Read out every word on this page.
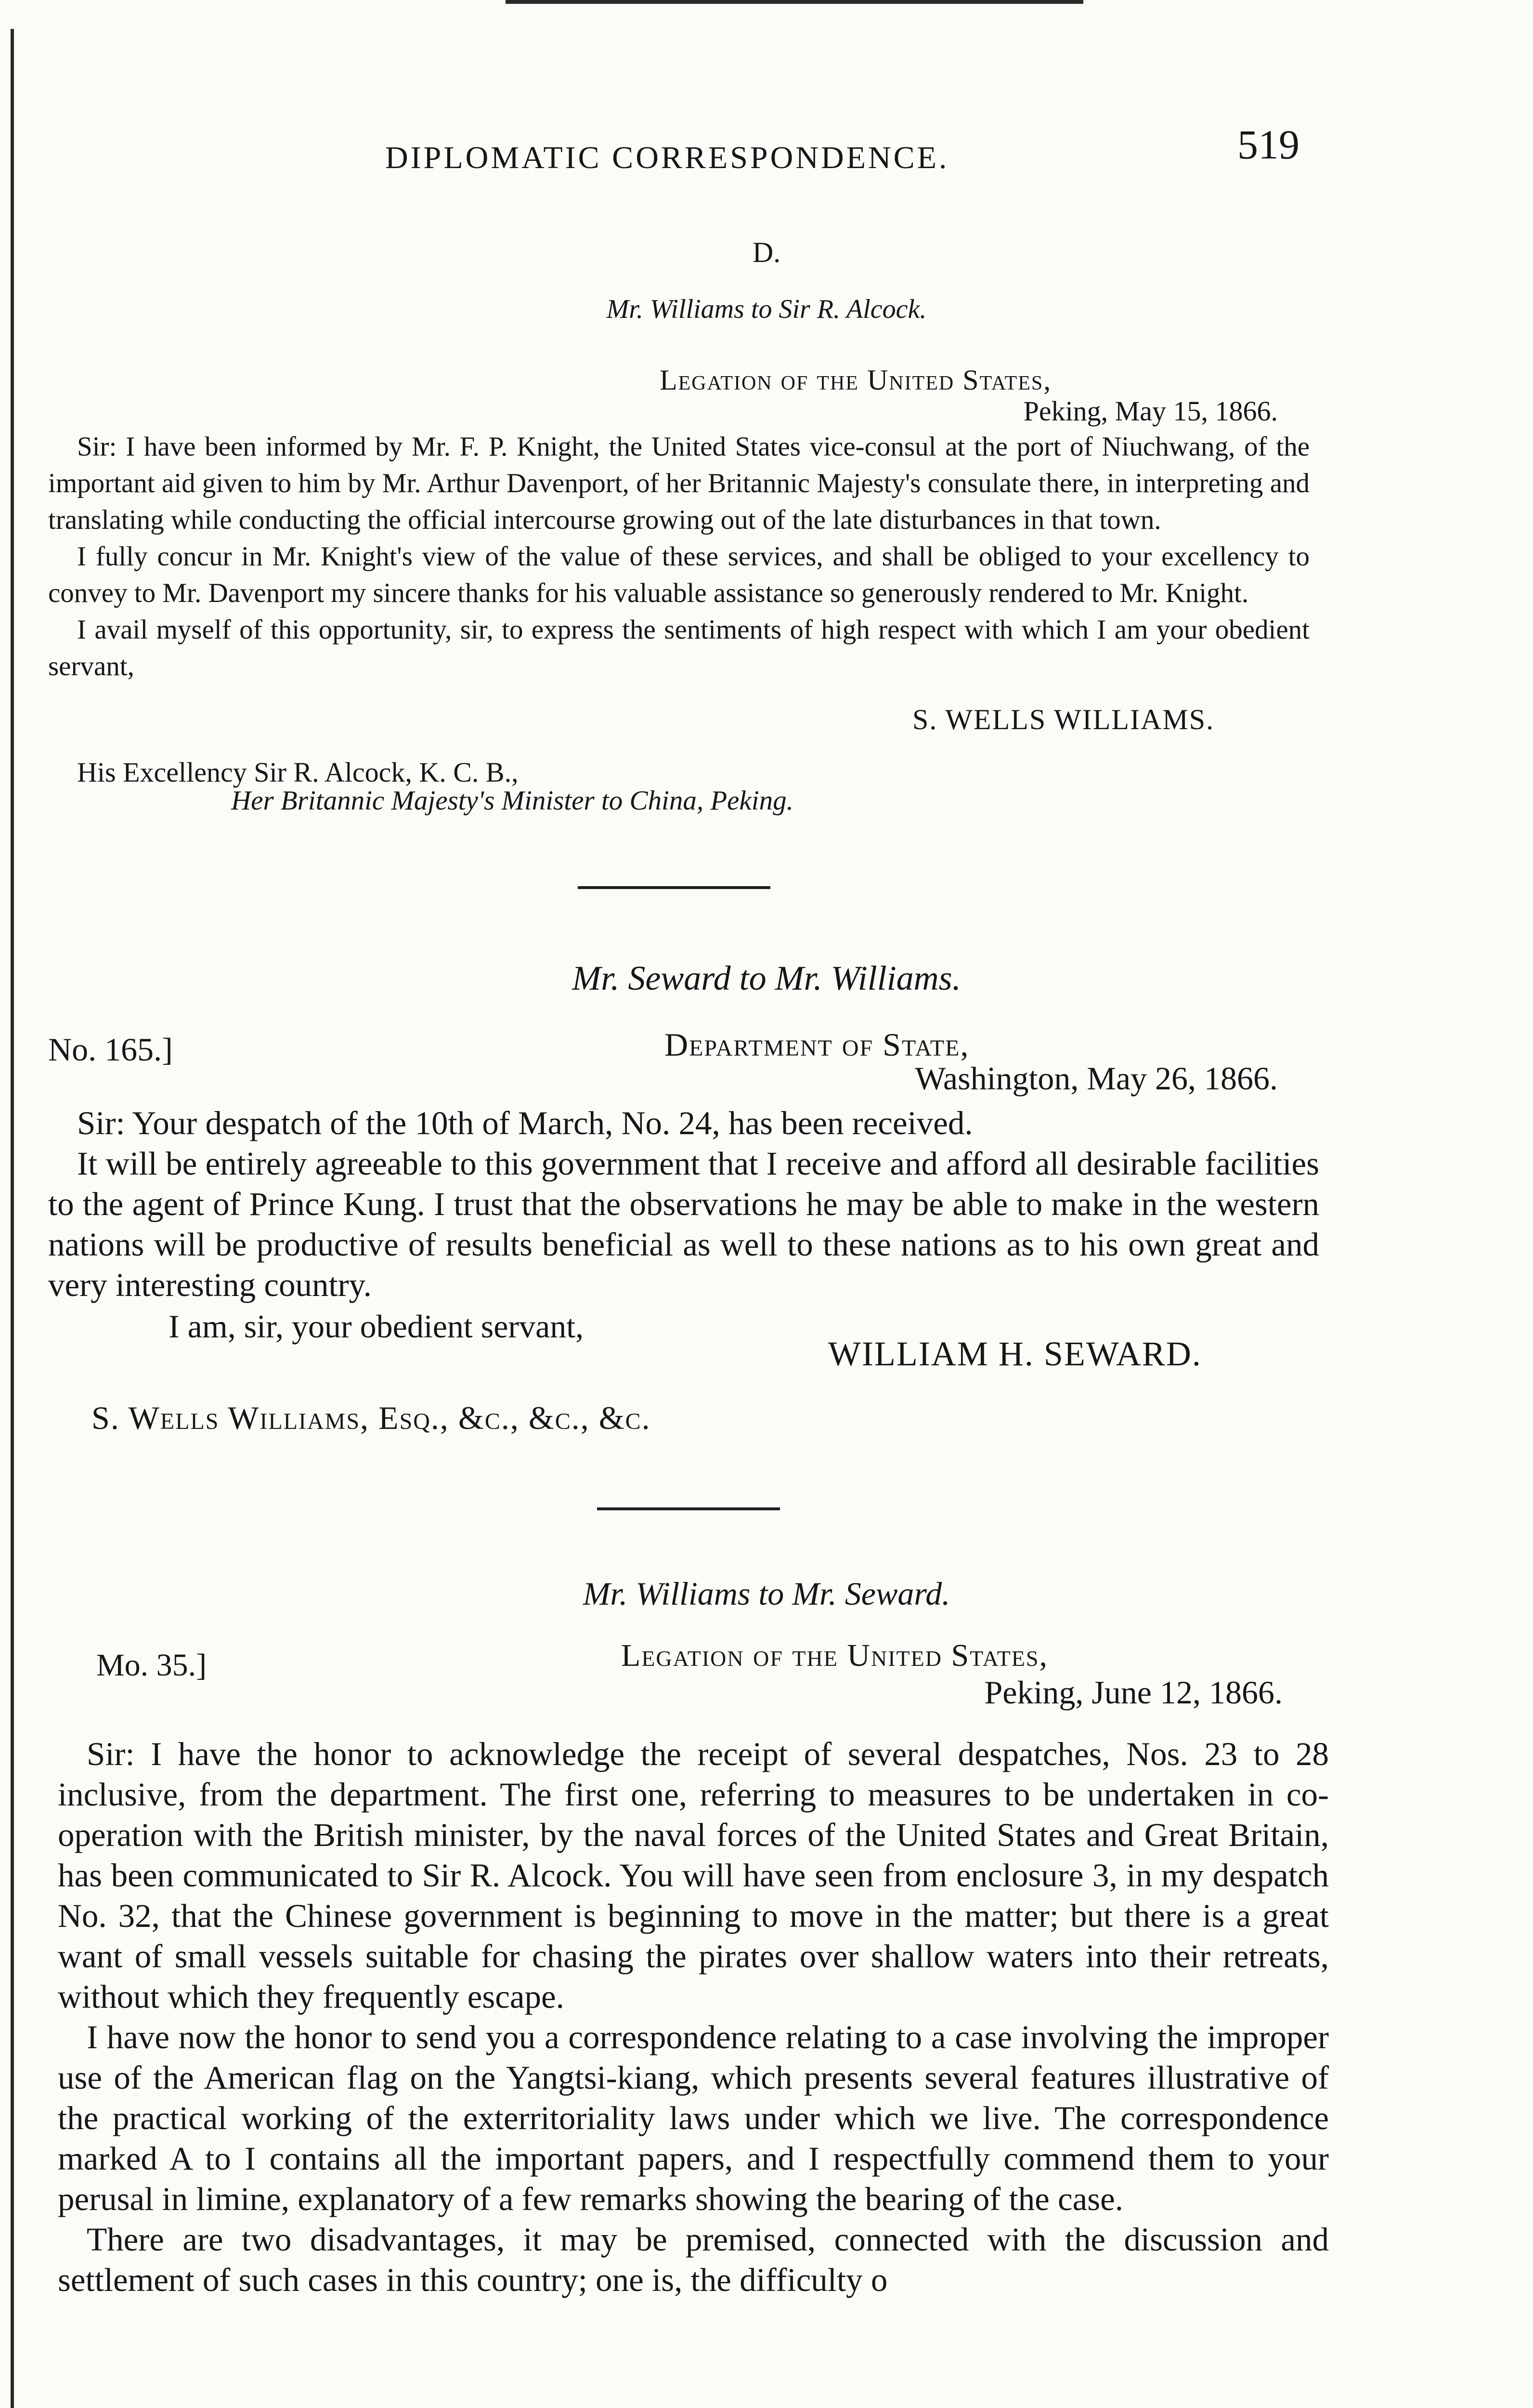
DIPLOMATIC CORRESPONDENCE.	519
D.
Mr. Williams to Sir R. Alcock.
Legation of the United States,
Peking, May 15, 1866.

Sir: I have been informed by Mr. F. P. Knight, the United States vice-consul at the port of Niuchwang, of the important aid given to him by Mr. Arthur Davenport, of her Britannic Majesty's consulate there, in interpreting and translating while conducting the official intercourse growing out of the late disturbances in that town.

I fully concur in Mr. Knight's view of the value of these services, and shall be obliged to your excellency to convey to Mr. Davenport my sincere thanks for his valuable assistance so generously rendered to Mr. Knight.

I avail myself of this opportunity, sir, to express the sentiments of high respect with which I am your obedient servant,

S. WELLS WILLIAMS.
His Excellency Sir R. Alcock, K. C. B.,
Her Britannic Majesty's Minister to China, Peking.
Mr. Seward to Mr. Williams.
No. 165.]	Department of State,
Washington, May 26, 1866.

Sir: Your despatch of the 10th of March, No. 24, has been received.

It will be entirely agreeable to this government that I receive and afford all desirable facilities to the agent of Prince Kung. I trust that the observations he may be able to make in the western nations will be productive of results beneficial as well to these nations as to his own great and very interesting country.

I am, sir, your obedient servant,
WILLIAM H. SEWARD.
S. Wells Williams, Esq., &c., &c., &c.
Mr. Williams to Mr. Seward.
Mo. 35.]	Legation of the United States,
Peking, June 12, 1866.

Sir: I have the honor to acknowledge the receipt of several despatches, Nos. 23 to 28 inclusive, from the department. The first one, referring to measures to be undertaken in co-operation with the British minister, by the naval forces of the United States and Great Britain, has been communicated to Sir R. Alcock. You will have seen from enclosure 3, in my despatch No. 32, that the Chinese government is beginning to move in the matter; but there is a great want of small vessels suitable for chasing the pirates over shallow waters into their retreats, without which they frequently escape.

I have now the honor to send you a correspondence relating to a case involving the improper use of the American flag on the Yangtsi-kiang, which presents several features illustrative of the practical working of the exterritoriality laws under which we live. The correspondence marked A to I contains all the important papers, and I respectfully commend them to your perusal in limine, explanatory of a few remarks showing the bearing of the case.

There are two disadvantages, it may be premised, connected with the discussion and settlement of such cases in this country; one is, the difficulty o
